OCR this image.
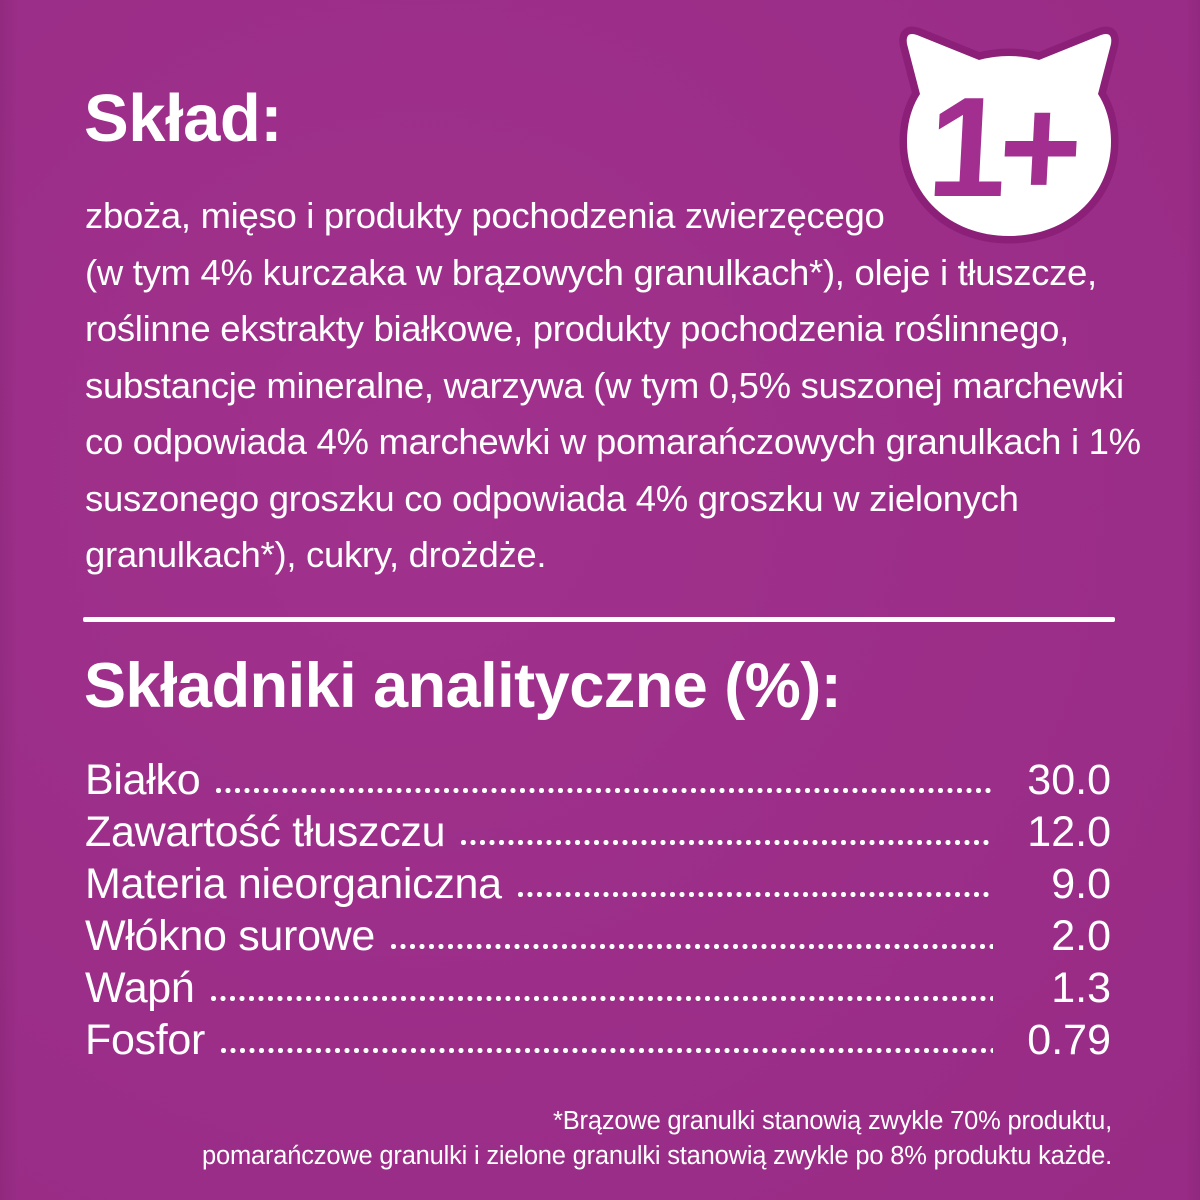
Skład:
zboża, mięso i produkty pochodzenia zwierzęcego
(w tym 4% kurczaka w brązowych granulkach*), oleje i tłuszcze,
roślinne ekstrakty białkowe, produkty pochodzenia roślinnego,
substancje mineralne, warzywa (w tym 0,5% suszonej marchewki
co odpowiada 4% marchewki w pomarańczowych granulkach i 1%
suszonego groszku co odpowiada 4% groszku w zielonych
granulkach*), cukry, drożdże.
1+
Składniki analityczne (%):
Białko	30.0
Zawartość tłuszczu	12.0
Materia nieorganiczna	9.0
Włókno surowe	2.0
Wapń	1.3
Fosfor	0.79
*Brązowe granulki stanowią zwykle 70% produktu,
pomarańczowe granulki i zielone granulki stanowią zwykle po 8% produktu każde.
